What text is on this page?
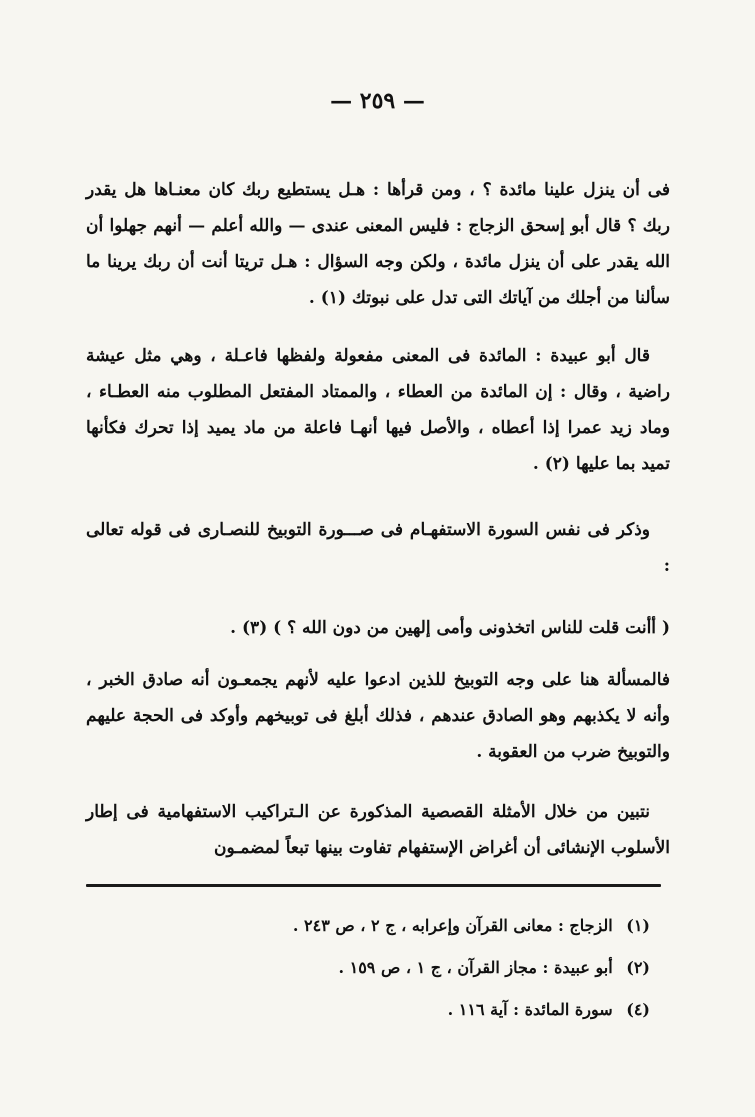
— ٢٥٩ —
فى أن ينزل علينا مائدة ؟ ، ومن قرأها : هـل يستطيع ربك كان معنـاها هل يقدر ربك ؟ قال أبو إسحق الزجاج : فليس المعنى عندى — والله أعلم — أنهم جهلوا أن الله يقدر على أن ينزل مائدة ، ولكن وجه السؤال : هـل تريتا أنت أن ربك يرينا ما سألنا من أجلك من آياتك التى تدل على نبوتك (١) .
قال أبو عبيدة : المائدة فى المعنى مفعولة ولفظها فاعـلة ، وهي مثل عيشة راضية ، وقال : إن المائدة من العطاء ، والممتاد المفتعل المطلوب منه العطـاء ، وماد زيد عمرا إذا أعطاه ، والأصل فيها أنهـا فاعلة من ماد يميد إذا تحرك فكأنها تميد بما عليها (٢) .
وذكر فى نفس السورة الاستفهـام فى صـــورة التوبيخ للنصـارى فى قوله تعالى :
( أأنت قلت للناس اتخذونى وأمى إلهين من دون الله ؟ ) (٣) .
فالمسألة هنا على وجه التوبيخ للذين ادعوا عليه لأنهم يجمعـون أنه صادق الخبر ، وأنه لا يكذبهم وهو الصادق عندهم ، فذلك أبلغ فى توبيخهم وأوكد فى الحجة عليهم والتوبيخ ضرب من العقوبة .
نتبين من خلال الأمثلة القصصية المذكورة عن الـتراكيب الاستفهامية فى إطار الأسلوب الإنشائى أن أغراض الإستفهام تفاوت بينها تبعاً لمضمـون
(١) الزجاج : معانى القرآن وإعرابه ، ج ٢ ، ص ٢٤٣ .
(٢) أبو عبيدة : مجاز القرآن ، ج ١ ، ص ١٥٩ .
(٤) سورة المائدة : آية ١١٦ .
